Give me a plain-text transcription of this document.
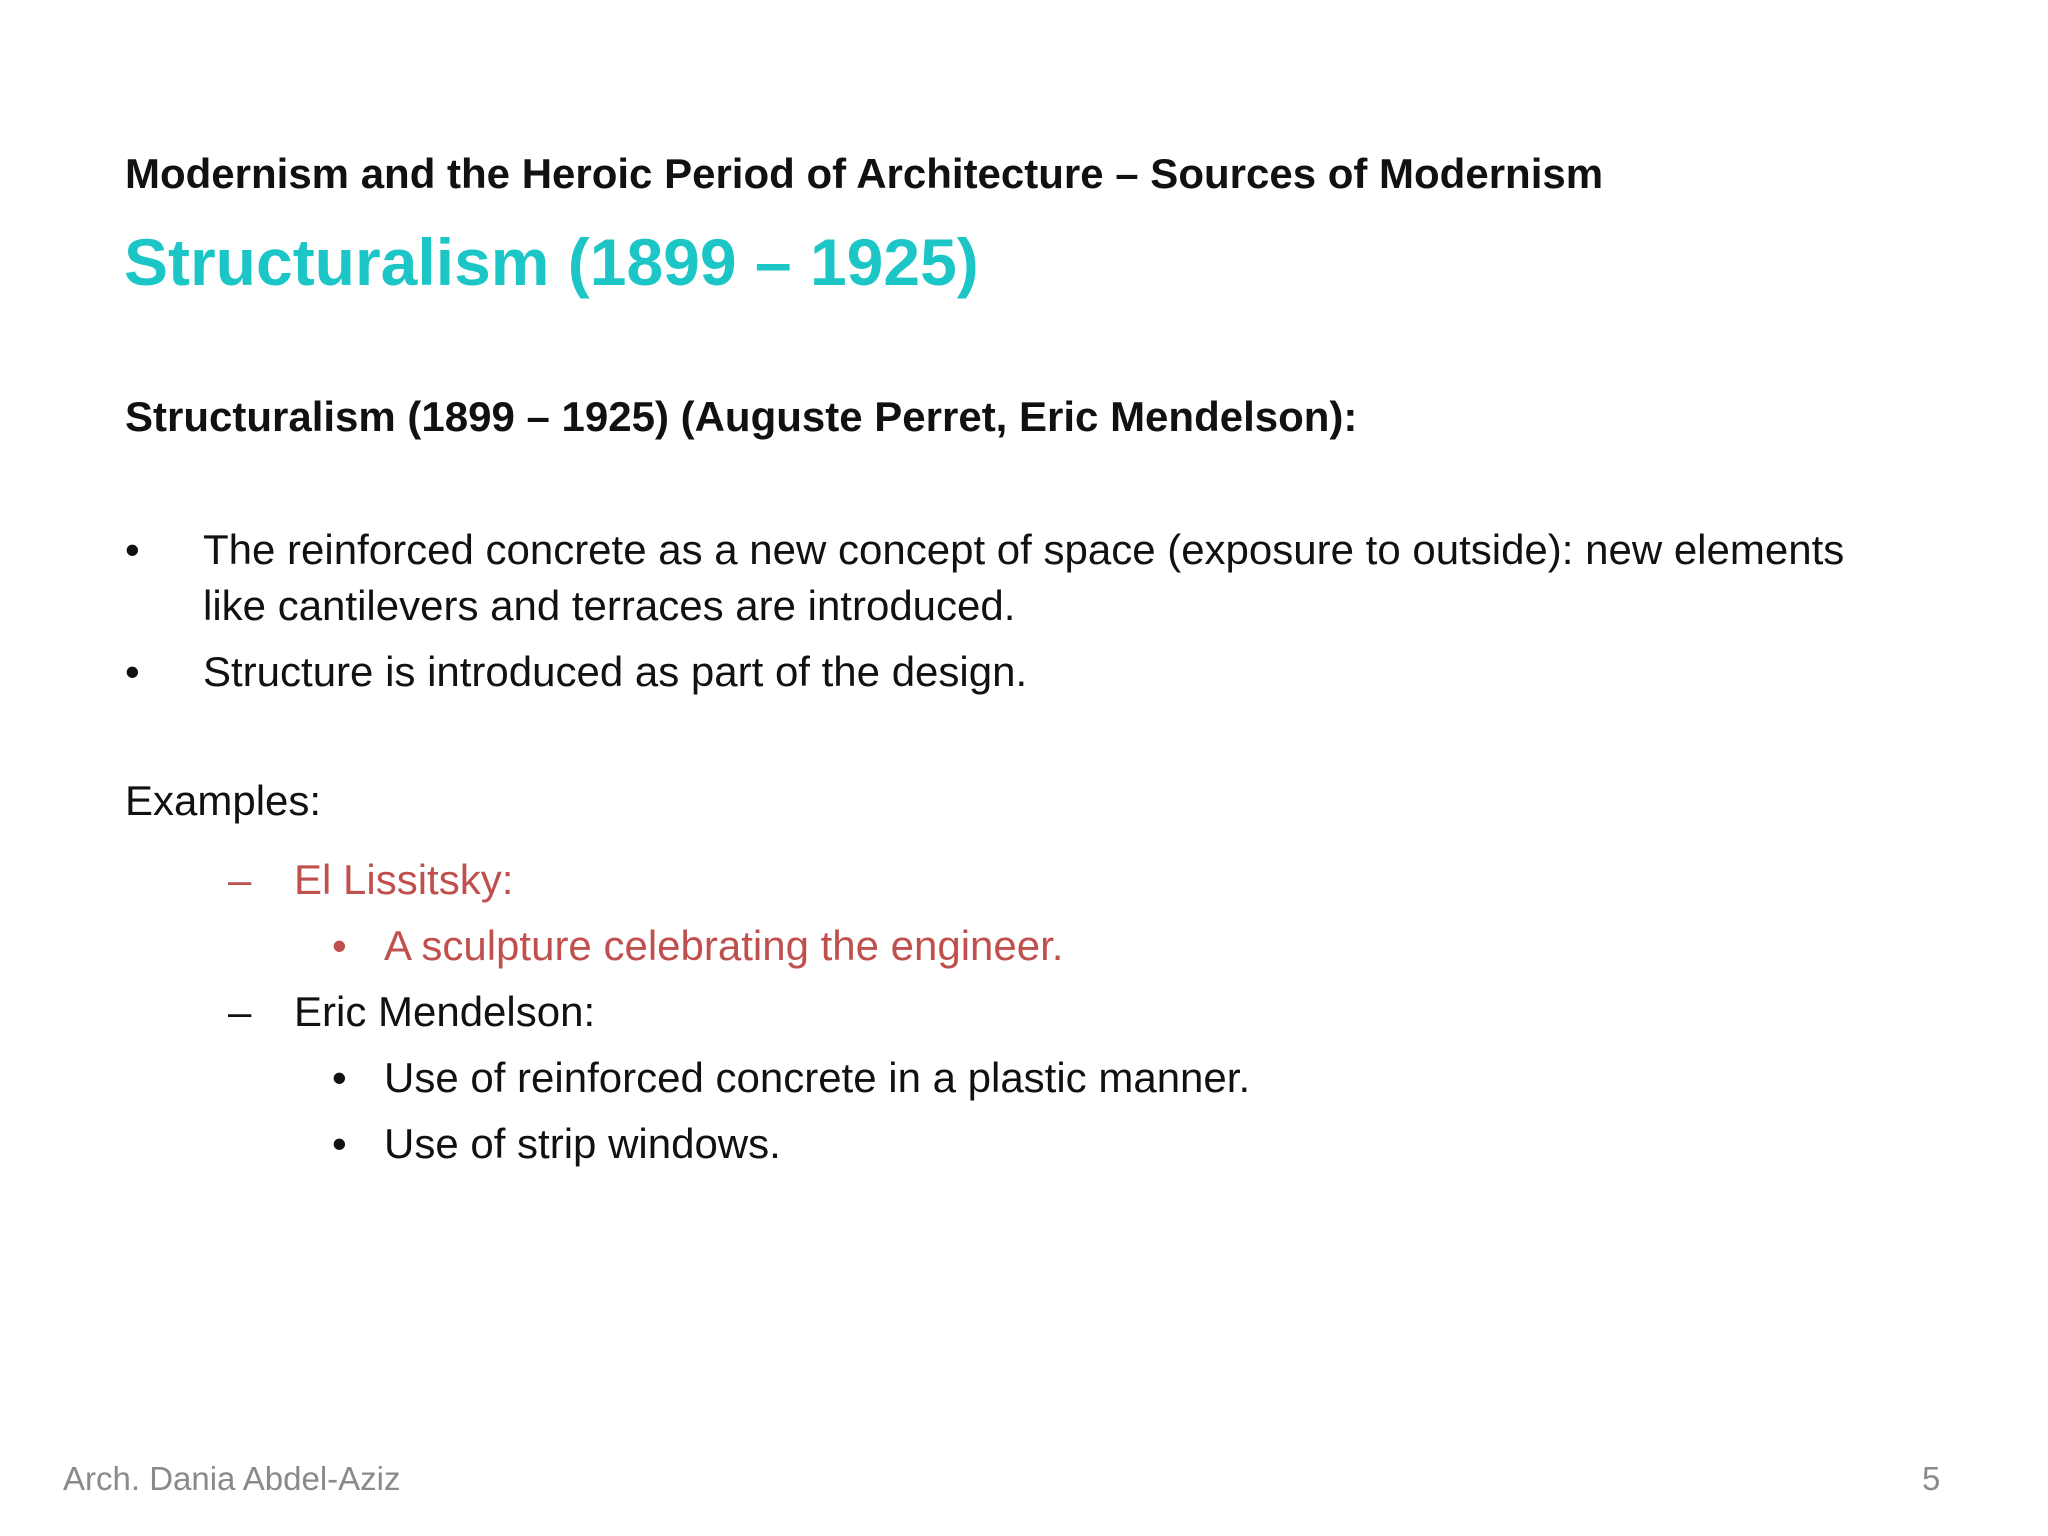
Modernism and the Heroic Period of Architecture – Sources of Modernism
Structuralism (1899 – 1925)
Structuralism (1899 – 1925) (Auguste Perret, Eric Mendelson):
• The reinforced concrete as a new concept of space (exposure to outside): new elements like cantilevers and terraces are introduced.
• Structure is introduced as part of the design.
Examples:
– El Lissitsky:
• A sculpture celebrating the engineer.
– Eric Mendelson:
• Use of reinforced concrete in a plastic manner.
• Use of strip windows.
Arch. Dania Abdel-Aziz	5
